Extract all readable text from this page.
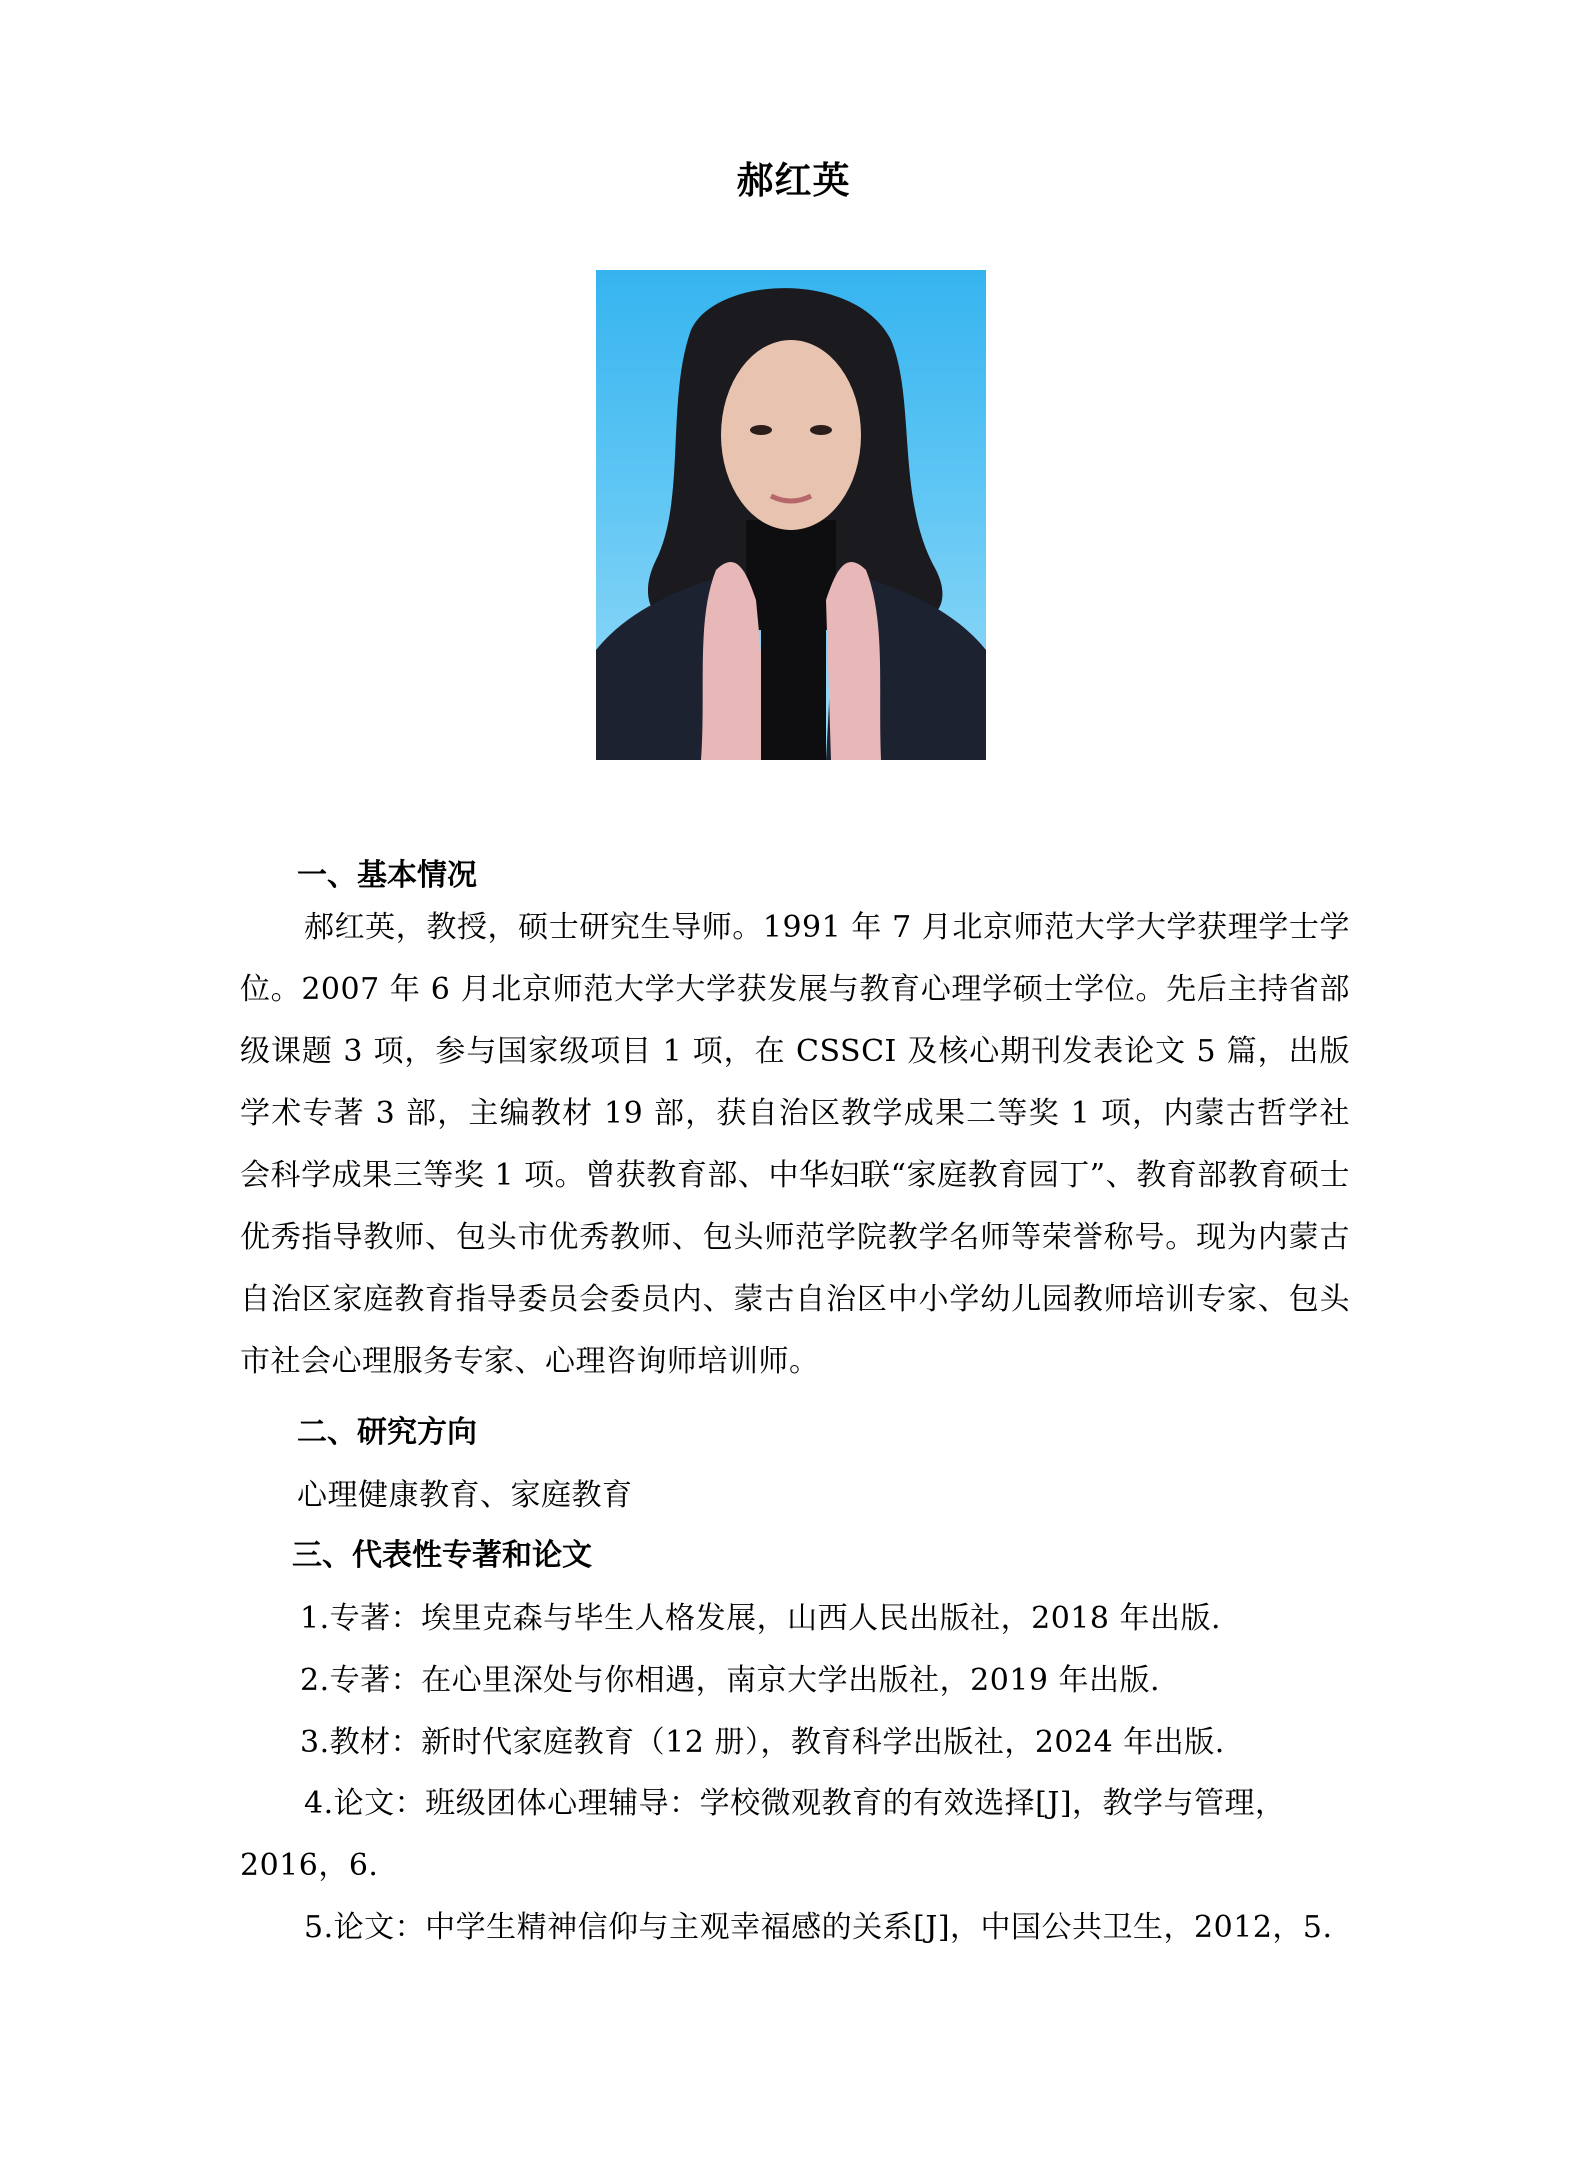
郝红英
一、基本情况
郝红英，教授，硕士研究生导师。1991 年 7 月北京师范大学大学获理学士学位。2007 年 6 月北京师范大学大学获发展与教育心理学硕士学位。先后主持省部级课题 3 项，参与国家级项目 1 项，在 CSSCI 及核心期刊发表论文 5 篇，出版学术专著 3 部，主编教材 19 部，获自治区教学成果二等奖 1 项，内蒙古哲学社会科学成果三等奖 1 项。曾获教育部、中华妇联“家庭教育园丁”、教育部教育硕士优秀指导教师、包头市优秀教师、包头师范学院教学名师等荣誉称号。现为内蒙古自治区家庭教育指导委员会委员内、蒙古自治区中小学幼儿园教师培训专家、包头市社会心理服务专家、心理咨询师培训师。
二、研究方向
心理健康教育、家庭教育
三、代表性专著和论文
1.专著：埃里克森与毕生人格发展，山西人民出版社，2018 年出版.
2.专著：在心里深处与你相遇，南京大学出版社，2019 年出版.
3.教材：新时代家庭教育（12 册），教育科学出版社，2024 年出版.
4.论文：班级团体心理辅导：学校微观教育的有效选择[J]，教学与管理，2016，6.
5.论文：中学生精神信仰与主观幸福感的关系[J]，中国公共卫生，2012，5.
